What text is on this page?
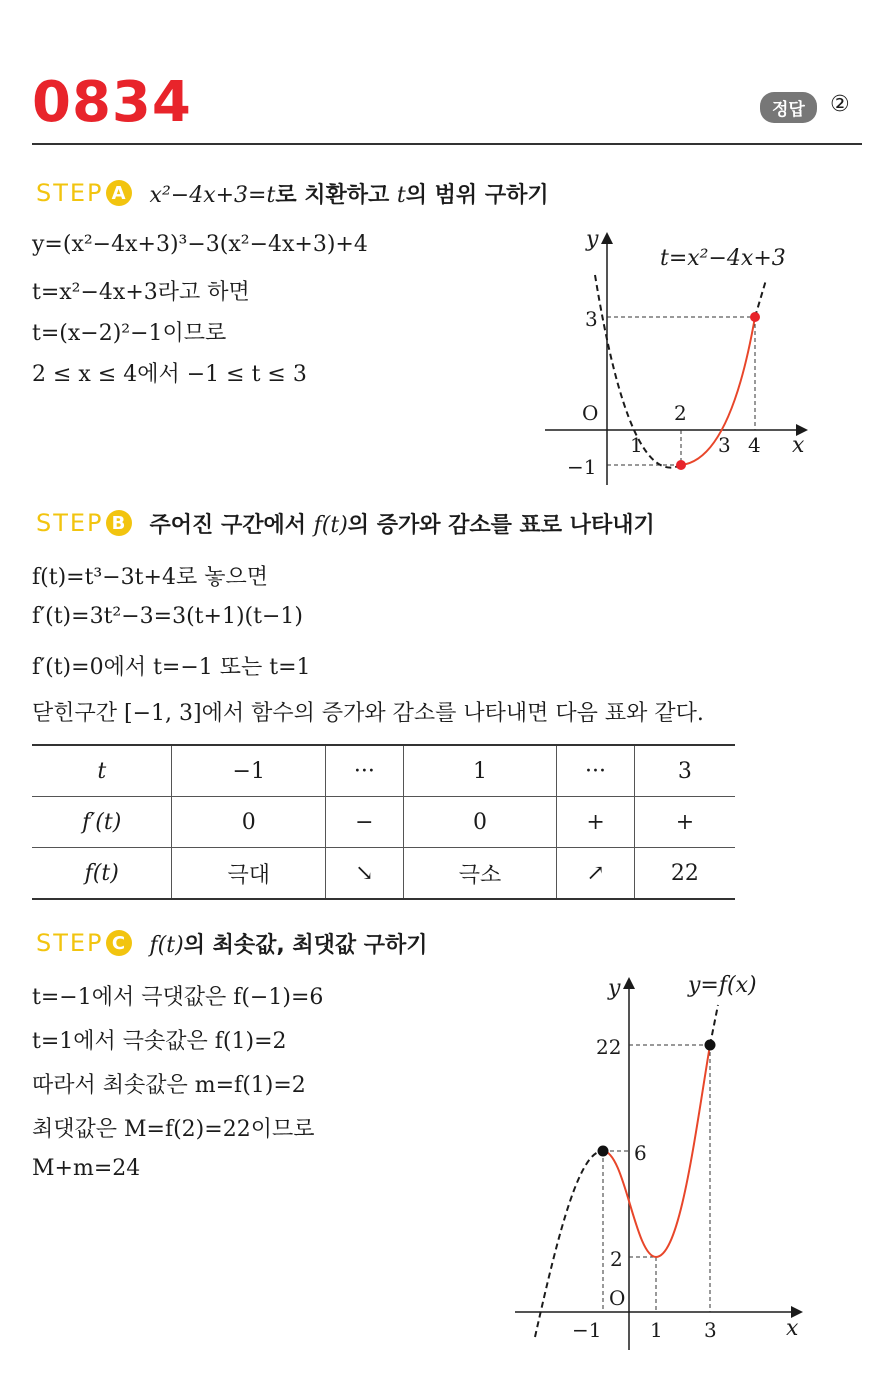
0834	정답	②
STEP A x²−4x+3=t로 치환하고 t의 범위 구하기
y=(x²−4x+3)³−3(x²−4x+3)+4
t=x²−4x+3라고 하면
t=(x−2)²−1이므로
2 ≤ x ≤ 4에서 −1 ≤ t ≤ 3
t=x²−4x+3
y
x
O
3
−1
1
2
3 4
STEP B 주어진 구간에서 f(t)의 증가와 감소를 표로 나타내기
f(t)=t³−3t+4로 놓으면
f′(t)=3t²−3=3(t+1)(t−1)
f′(t)=0에서 t=−1 또는 t=1
닫힌구간 [−1, 3]에서 함수의 증가와 감소를 나타내면 다음 표와 같다.
t	−1	···	1	···	3
f′(t)	0	−	0	+	+
f(t)	극대	↘	극소	↗	22
STEP C f(t)의 최솟값, 최댓값 구하기
t=−1에서 극댓값은 f(−1)=6
t=1에서 극솟값은 f(1)=2
따라서 최솟값은 m=f(1)=2
최댓값은 M=f(2)=22이므로
M+m=24
y=f(x)
y
x
O
22
6
2
−1 1 3
